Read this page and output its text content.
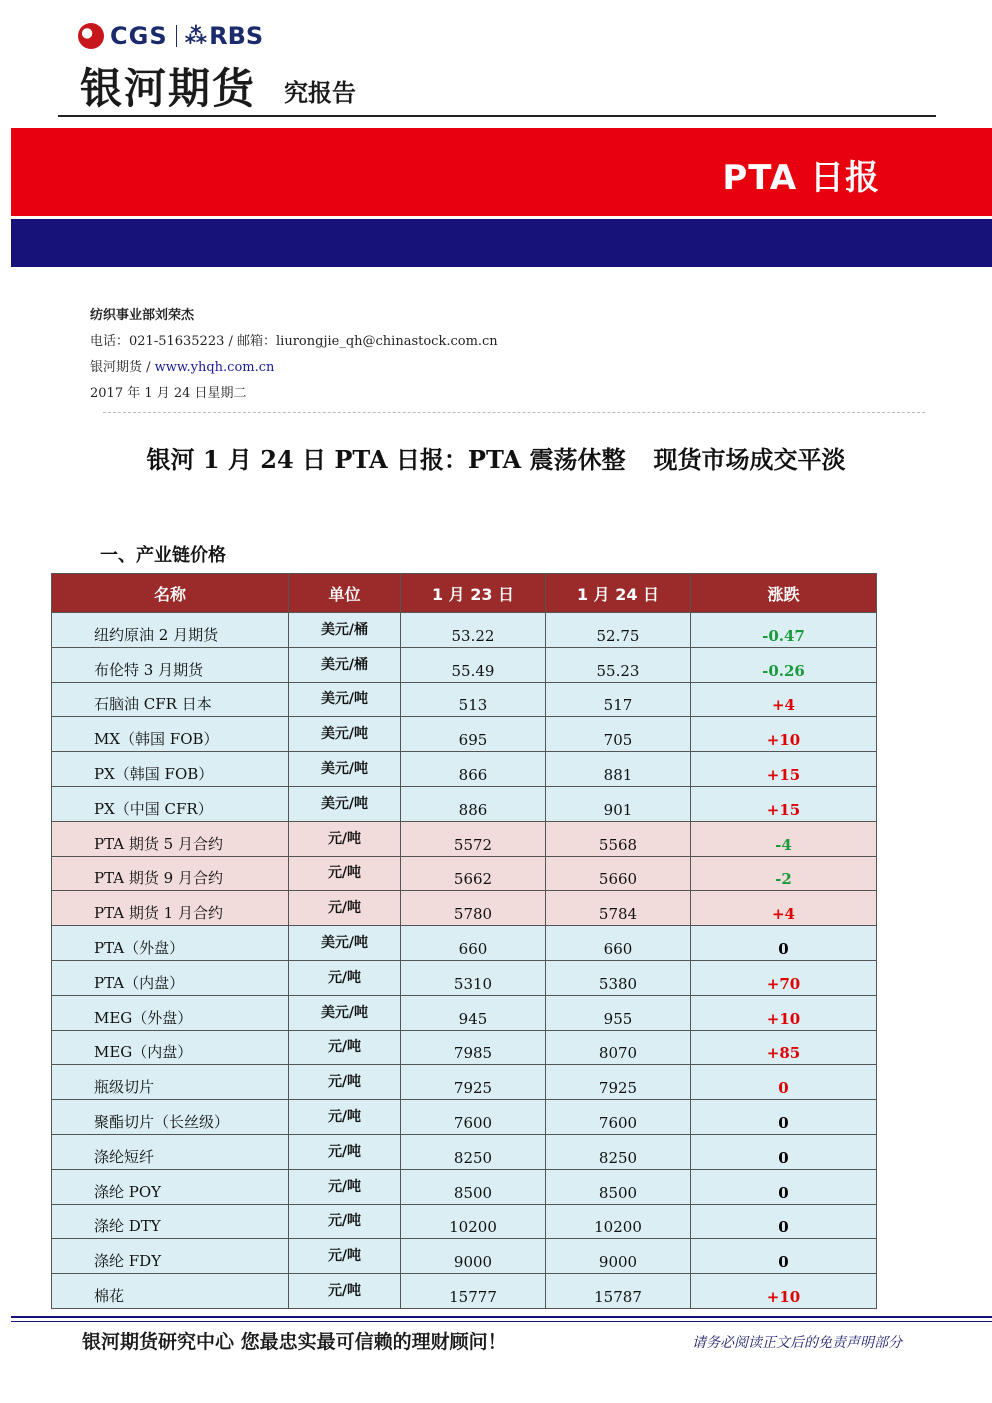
CGS ⁂ RBS
银河期货 究报告
PTA 日报
纺织事业部刘荣杰
电话：021-51635223 / 邮箱：liurongjie_qh@chinastock.com.cn
银河期货 / www.yhqh.com.cn
2017 年 1 月 24 日星期二
银河 1 月 24 日 PTA 日报：PTA 震荡休整 现货市场成交平淡
一、产业链价格
名称	单位	1 月 23 日	1 月 24 日	涨跌
纽约原油 2 月期货	美元/桶	53.22	52.75	-0.47
布伦特 3 月期货	美元/桶	55.49	55.23	-0.26
石脑油 CFR 日本	美元/吨	513	517	+4
MX（韩国 FOB）	美元/吨	695	705	+10
PX（韩国 FOB）	美元/吨	866	881	+15
PX（中国 CFR）	美元/吨	886	901	+15
PTA 期货 5 月合约	元/吨	5572	5568	-4
PTA 期货 9 月合约	元/吨	5662	5660	-2
PTA 期货 1 月合约	元/吨	5780	5784	+4
PTA（外盘）	美元/吨	660	660	0
PTA（内盘）	元/吨	5310	5380	+70
MEG（外盘）	美元/吨	945	955	+10
MEG（内盘）	元/吨	7985	8070	+85
瓶级切片	元/吨	7925	7925	0
聚酯切片（长丝级）	元/吨	7600	7600	0
涤纶短纤	元/吨	8250	8250	0
涤纶 POY	元/吨	8500	8500	0
涤纶 DTY	元/吨	10200	10200	0
涤纶 FDY	元/吨	9000	9000	0
棉花	元/吨	15777	15787	+10
银河期货研究中心 您最忠实最可信赖的理财顾问！	请务必阅读正文后的免责声明部分
